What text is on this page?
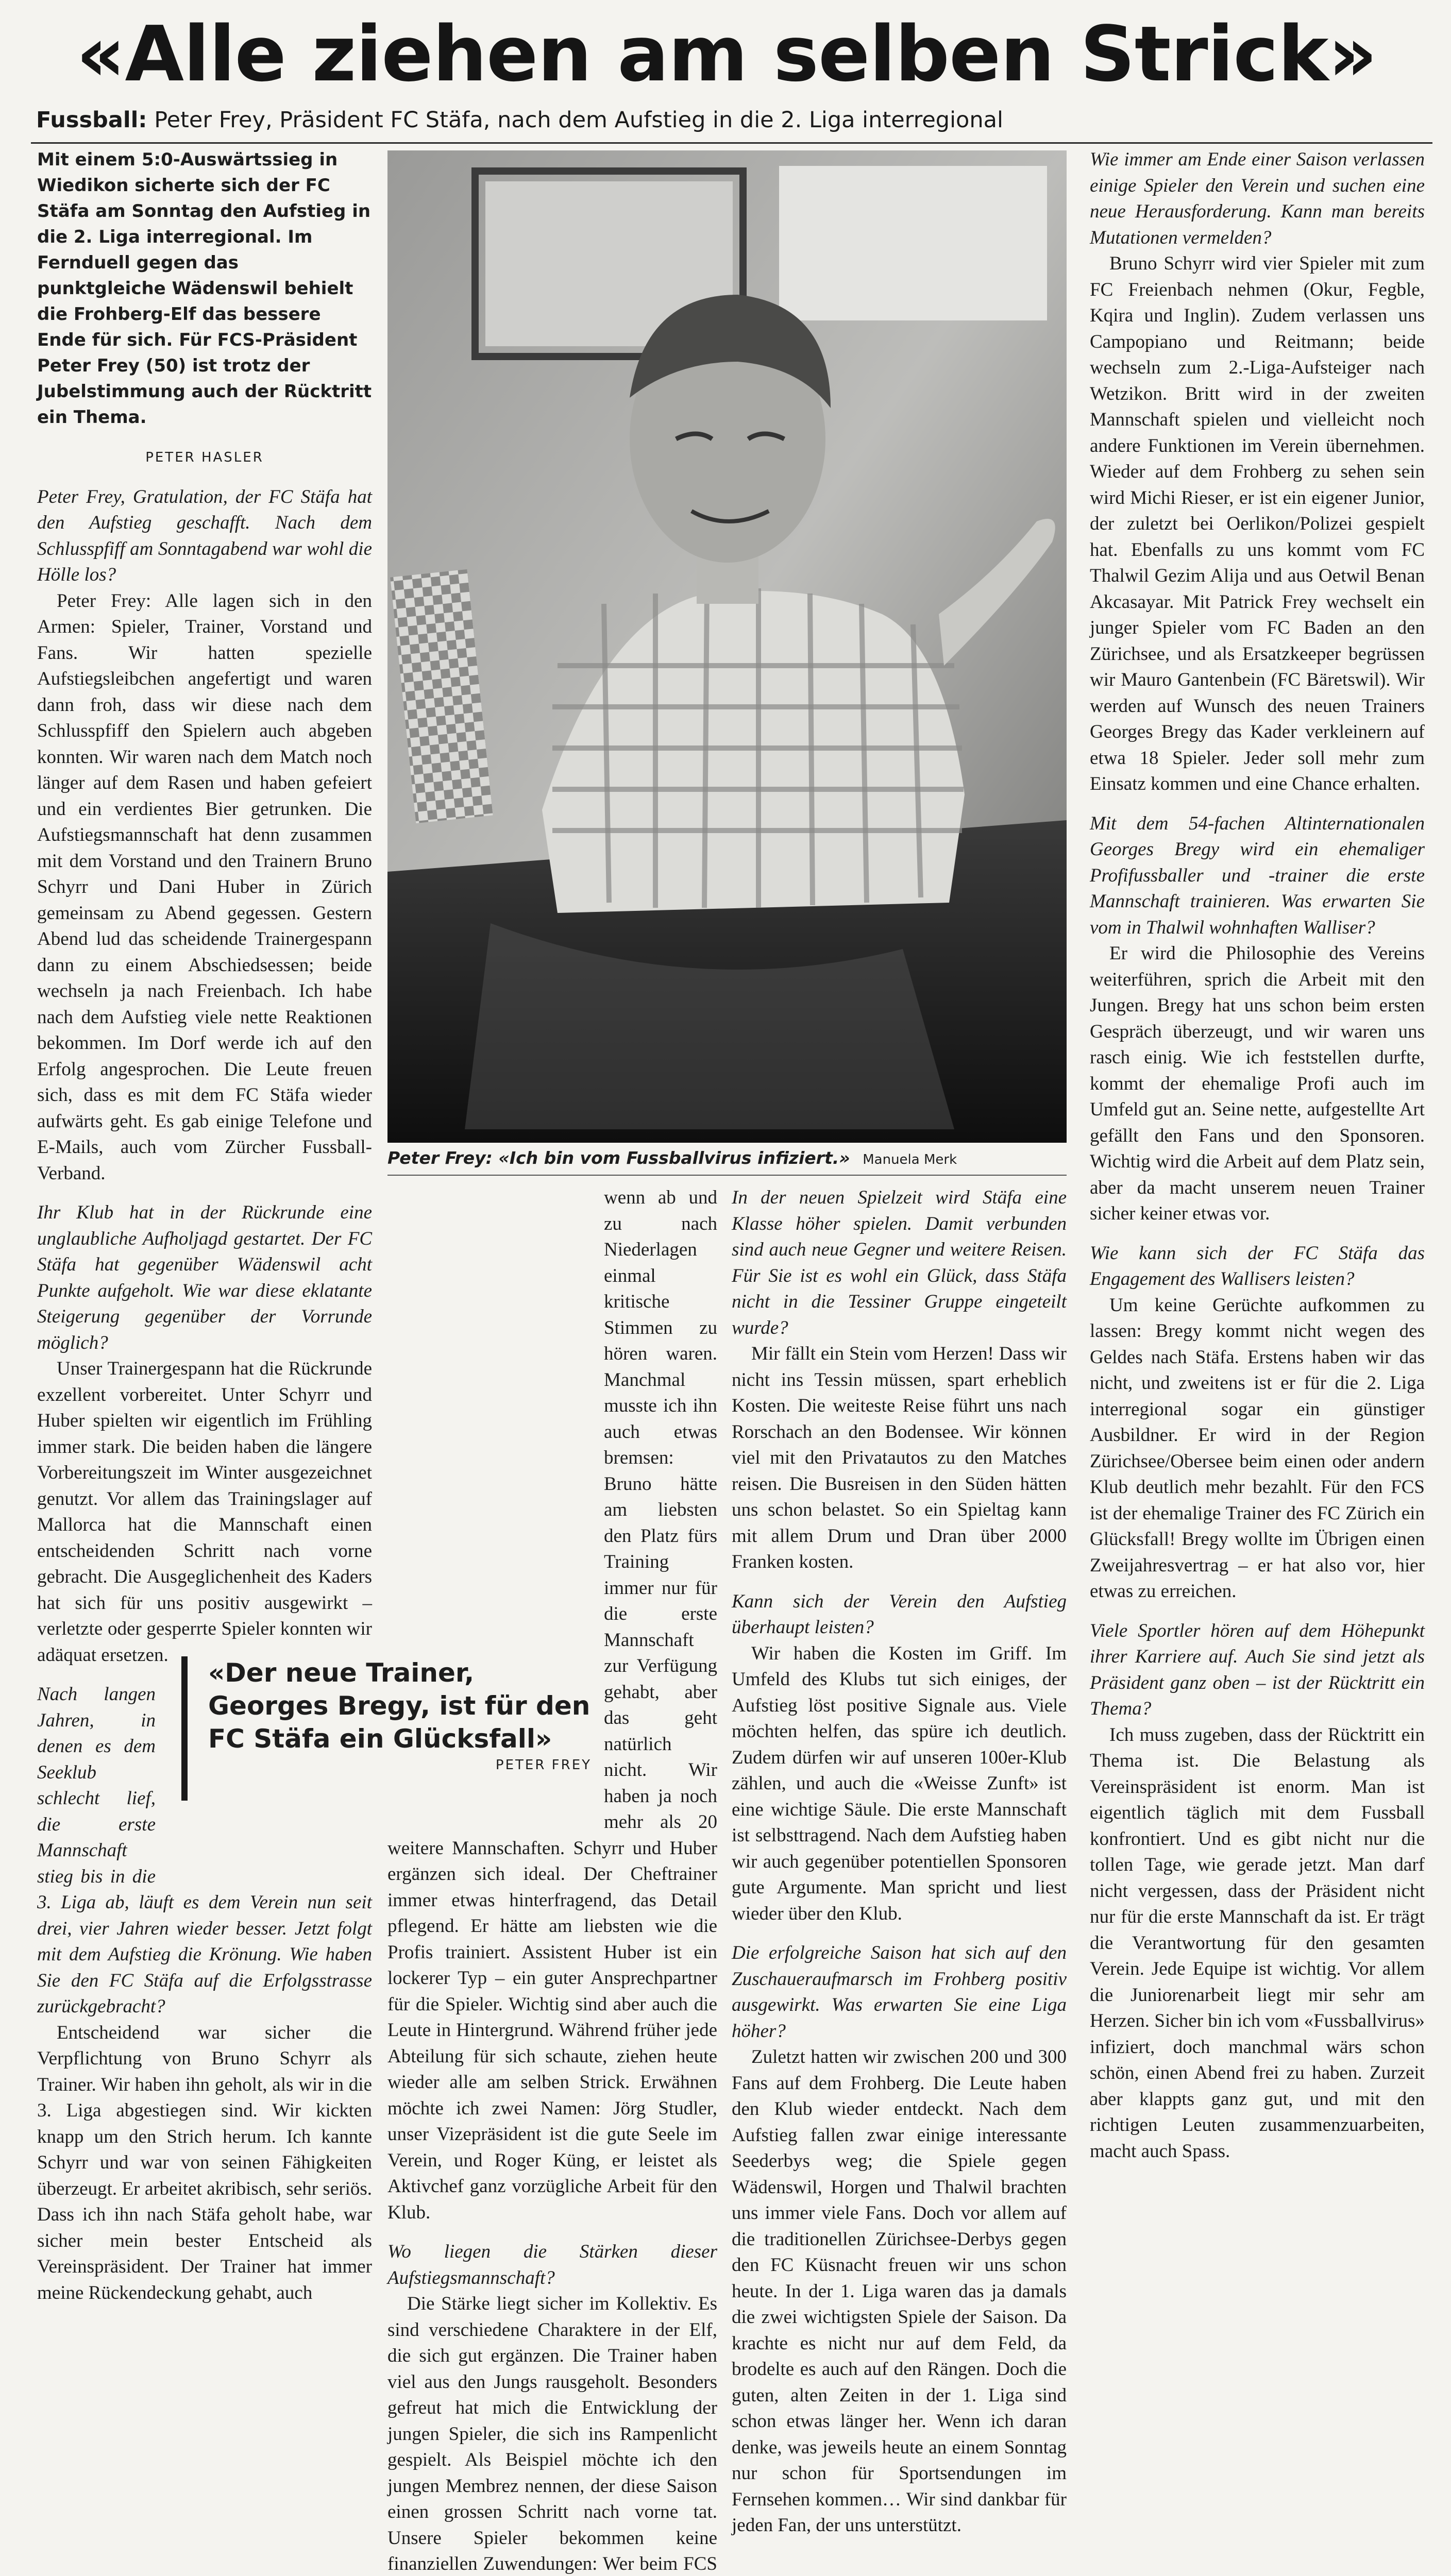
«Alle ziehen am selben Strick»
Fussball: Peter Frey, Präsident FC Stäfa, nach dem Aufstieg in die 2. Liga interregional

Mit einem 5:0-Auswärtssieg in Wiedikon sicherte sich der FC Stäfa am Sonntag den Aufstieg in die 2. Liga interregional. Im Fernduell gegen das punktgleiche Wädenswil behielt die Frohberg-Elf das bessere Ende für sich. Für FCS-Präsident Peter Frey (50) ist trotz der Jubelstimmung auch der Rücktritt ein Thema.

PETER HASLER

Peter Frey, Gratulation, der FC Stäfa hat den Aufstieg geschafft. Nach dem Schlusspfiff am Sonntagabend war wohl die Hölle los?

Peter Frey: Alle lagen sich in den Armen: Spieler, Trainer, Vorstand und Fans. Wir hatten spezielle Aufstiegsleibchen angefertigt und waren dann froh, dass wir diese nach dem Schlusspfiff den Spielern auch abgeben konnten. Wir waren nach dem Match noch länger auf dem Rasen und haben gefeiert und ein verdientes Bier getrunken. Die Aufstiegsmannschaft hat denn zusammen mit dem Vorstand und den Trainern Bruno Schyrr und Dani Huber in Zürich gemeinsam zu Abend gegessen. Gestern Abend lud das scheidende Trainergespann dann zu einem Abschiedsessen; beide wechseln ja nach Freienbach. Ich habe nach dem Aufstieg viele nette Reaktionen bekommen. Im Dorf werde ich auf den Erfolg angesprochen. Die Leute freuen sich, dass es mit dem FC Stäfa wieder aufwärts geht. Es gab einige Telefone und E-Mails, auch vom Zürcher Fussball-Verband.

Ihr Klub hat in der Rückrunde eine unglaubliche Aufholjagd gestartet. Der FC Stäfa hat gegenüber Wädenswil acht Punkte aufgeholt. Wie war diese eklatante Steigerung gegenüber der Vorrunde möglich?

Unser Trainergespann hat die Rückrunde exzellent vorbereitet. Unter Schyrr und Huber spielten wir eigentlich im Frühling immer stark. Die beiden haben die längere Vorbereitungszeit im Winter ausgezeichnet genutzt. Vor allem das Trainingslager auf Mallorca hat die Mannschaft einen entscheidenden Schritt nach vorne gebracht. Die Ausgeglichenheit des Kaders hat sich für uns positiv ausgewirkt – verletzte oder gesperrte Spieler konnten wir adäquat ersetzen.

Nach langen Jahren, in denen es dem Seeklub schlecht lief, die erste Mannschaft stieg bis in die 3. Liga ab, läuft es dem Verein nun seit drei, vier Jahren wieder besser. Jetzt folgt mit dem Aufstieg die Krönung. Wie haben Sie den FC Stäfa auf die Erfolgsstrasse zurückgebracht?

Entscheidend war sicher die Verpflichtung von Bruno Schyrr als Trainer. Wir haben ihn geholt, als wir in die 3. Liga abgestiegen sind. Wir kickten knapp um den Strich herum. Ich kannte Schyrr und war von seinen Fähigkeiten überzeugt. Er arbeitet akribisch, sehr seriös. Dass ich ihn nach Stäfa geholt habe, war sicher mein bester Entscheid als Vereinspräsident. Der Trainer hat immer meine Rückendeckung gehabt, auch

Peter Frey: «Ich bin vom Fussballvirus infiziert.» Manuela Merk

wenn ab und zu nach Niederlagen einmal kritische Stimmen zu hören waren. Manchmal musste ich ihn auch etwas bremsen: Bruno hätte am liebsten den Platz fürs Training immer nur für die erste Mannschaft zur Verfügung gehabt, aber das geht natürlich nicht. Wir haben ja noch mehr als 20 weitere Mannschaften. Schyrr und Huber ergänzen sich ideal. Der Cheftrainer immer etwas hinterfragend, das Detail pflegend. Er hätte am liebsten wie die Profis trainiert. Assistent Huber ist ein lockerer Typ – ein guter Ansprechpartner für die Spieler. Wichtig sind aber auch die Leute in Hintergrund. Während früher jede Abteilung für sich schaute, ziehen heute wieder alle am selben Strick. Erwähnen möchte ich zwei Namen: Jörg Studler, unser Vizepräsident ist die gute Seele im Verein, und Roger Küng, er leistet als Aktivchef ganz vorzügliche Arbeit für den Klub.

Wo liegen die Stärken dieser Aufstiegsmannschaft?

Die Stärke liegt sicher im Kollektiv. Es sind verschiedene Charaktere in der Elf, die sich gut ergänzen. Die Trainer haben viel aus den Jungs rausgeholt. Besonders gefreut hat mich die Entwicklung der jungen Spieler, die sich ins Rampenlicht gespielt. Als Beispiel möchte ich den jungen Membrez nennen, der diese Saison einen grossen Schritt nach vorne tat. Unsere Spieler bekommen keine finanziellen Zuwendungen: Wer beim FCS

In der neuen Spielzeit wird Stäfa eine Klasse höher spielen. Damit verbunden sind auch neue Gegner und weitere Reisen. Für Sie ist es wohl ein Glück, dass Stäfa nicht in die Tessiner Gruppe eingeteilt wurde?

Mir fällt ein Stein vom Herzen! Dass wir nicht ins Tessin müssen, spart erheblich Kosten. Die weiteste Reise führt uns nach Rorschach an den Bodensee. Wir können viel mit den Privatautos zu den Matches reisen. Die Busreisen in den Süden hätten uns schon belastet. So ein Spieltag kann mit allem Drum und Dran über 2000 Franken kosten.

Kann sich der Verein den Aufstieg überhaupt leisten?

Wir haben die Kosten im Griff. Im Umfeld des Klubs tut sich einiges, der Aufstieg löst positive Signale aus. Viele möchten helfen, das spüre ich deutlich. Zudem dürfen wir auf unseren 100er-Klub zählen, und auch die «Weisse Zunft» ist eine wichtige Säule. Die erste Mannschaft ist selbsttragend. Nach dem Aufstieg haben wir auch gegenüber potentiellen Sponsoren gute Argumente. Man spricht und liest wieder über den Klub.

Die erfolgreiche Saison hat sich auf den Zuschaueraufmarsch im Frohberg positiv ausgewirkt. Was erwarten Sie eine Liga höher?

Zuletzt hatten wir zwischen 200 und 300 Fans auf dem Frohberg. Die Leute haben den Klub wieder entdeckt. Nach dem Aufstieg fallen zwar einige interessante Seederbys weg; die Spiele gegen Wädenswil, Horgen und Thalwil brachten uns immer viele Fans. Doch vor allem auf die traditionellen Zürichsee-Derbys gegen den FC Küsnacht freuen wir uns schon heute. In der 1. Liga waren das ja damals die zwei wichtigsten Spiele der Saison. Da krachte es nicht nur auf dem Feld, da brodelte es auch auf den Rängen. Doch die guten, alten Zeiten in der 1. Liga sind schon etwas länger her. Wenn ich daran denke, was jeweils heute an einem Sonntag nur schon für Sportsendungen im Fernsehen kommen… Wir sind dankbar für jeden Fan, der uns unterstützt.

Wie immer am Ende einer Saison verlassen einige Spieler den Verein und suchen eine neue Herausforderung. Kann man bereits Mutationen vermelden?

Bruno Schyrr wird vier Spieler mit zum FC Freienbach nehmen (Okur, Fegble, Kqira und Inglin). Zudem verlassen uns Campopiano und Reitmann; beide wechseln zum 2.-Liga-Aufsteiger nach Wetzikon. Britt wird in der zweiten Mannschaft spielen und vielleicht noch andere Funktionen im Verein übernehmen. Wieder auf dem Frohberg zu sehen sein wird Michi Rieser, er ist ein eigener Junior, der zuletzt bei Oerlikon/Polizei gespielt hat. Ebenfalls zu uns kommt vom FC Thalwil Gezim Alija und aus Oetwil Benan Akcasayar. Mit Patrick Frey wechselt ein junger Spieler vom FC Baden an den Zürichsee, und als Ersatzkeeper begrüssen wir Mauro Gantenbein (FC Bäretswil). Wir werden auf Wunsch des neuen Trainers Georges Bregy das Kader verkleinern auf etwa 18 Spieler. Jeder soll mehr zum Einsatz kommen und eine Chance erhalten.

Mit dem 54-fachen Altinternationalen Georges Bregy wird ein ehemaliger Profifussballer und -trainer die erste Mannschaft trainieren. Was erwarten Sie vom in Thalwil wohnhaften Walliser?

Er wird die Philosophie des Vereins weiterführen, sprich die Arbeit mit den Jungen. Bregy hat uns schon beim ersten Gespräch überzeugt, und wir waren uns rasch einig. Wie ich feststellen durfte, kommt der ehemalige Profi auch im Umfeld gut an. Seine nette, aufgestellte Art gefällt den Fans und den Sponsoren. Wichtig wird die Arbeit auf dem Platz sein, aber da macht unserem neuen Trainer sicher keiner etwas vor.

Wie kann sich der FC Stäfa das Engagement des Wallisers leisten?

Um keine Gerüchte aufkommen zu lassen: Bregy kommt nicht wegen des Geldes nach Stäfa. Erstens haben wir das nicht, und zweitens ist er für die 2. Liga interregional sogar ein günstiger Ausbildner. Er wird in der Region Zürichsee/Obersee beim einen oder andern Klub deutlich mehr bezahlt. Für den FCS ist der ehemalige Trainer des FC Zürich ein Glücksfall! Bregy wollte im Übrigen einen Zweijahresvertrag – er hat also vor, hier etwas zu erreichen.

Viele Sportler hören auf dem Höhepunkt ihrer Karriere auf. Auch Sie sind jetzt als Präsident ganz oben – ist der Rücktritt ein Thema?

Ich muss zugeben, dass der Rücktritt ein Thema ist. Die Belastung als Vereinspräsident ist enorm. Man ist eigentlich täglich mit dem Fussball konfrontiert. Und es gibt nicht nur die tollen Tage, wie gerade jetzt. Man darf nicht vergessen, dass der Präsident nicht nur für die erste Mannschaft da ist. Er trägt die Verantwortung für den gesamten Verein. Jede Equipe ist wichtig. Vor allem die Juniorenarbeit liegt mir sehr am Herzen. Sicher bin ich vom «Fussballvirus» infiziert, doch manchmal wärs schon schön, einen Abend frei zu haben. Zurzeit aber klappts ganz gut, und mit den richtigen Leuten zusammenzuarbeiten, macht auch Spass.

«Der neue Trainer, Georges Bregy, ist für den FC Stäfa ein Glücksfall»
PETER FREY
